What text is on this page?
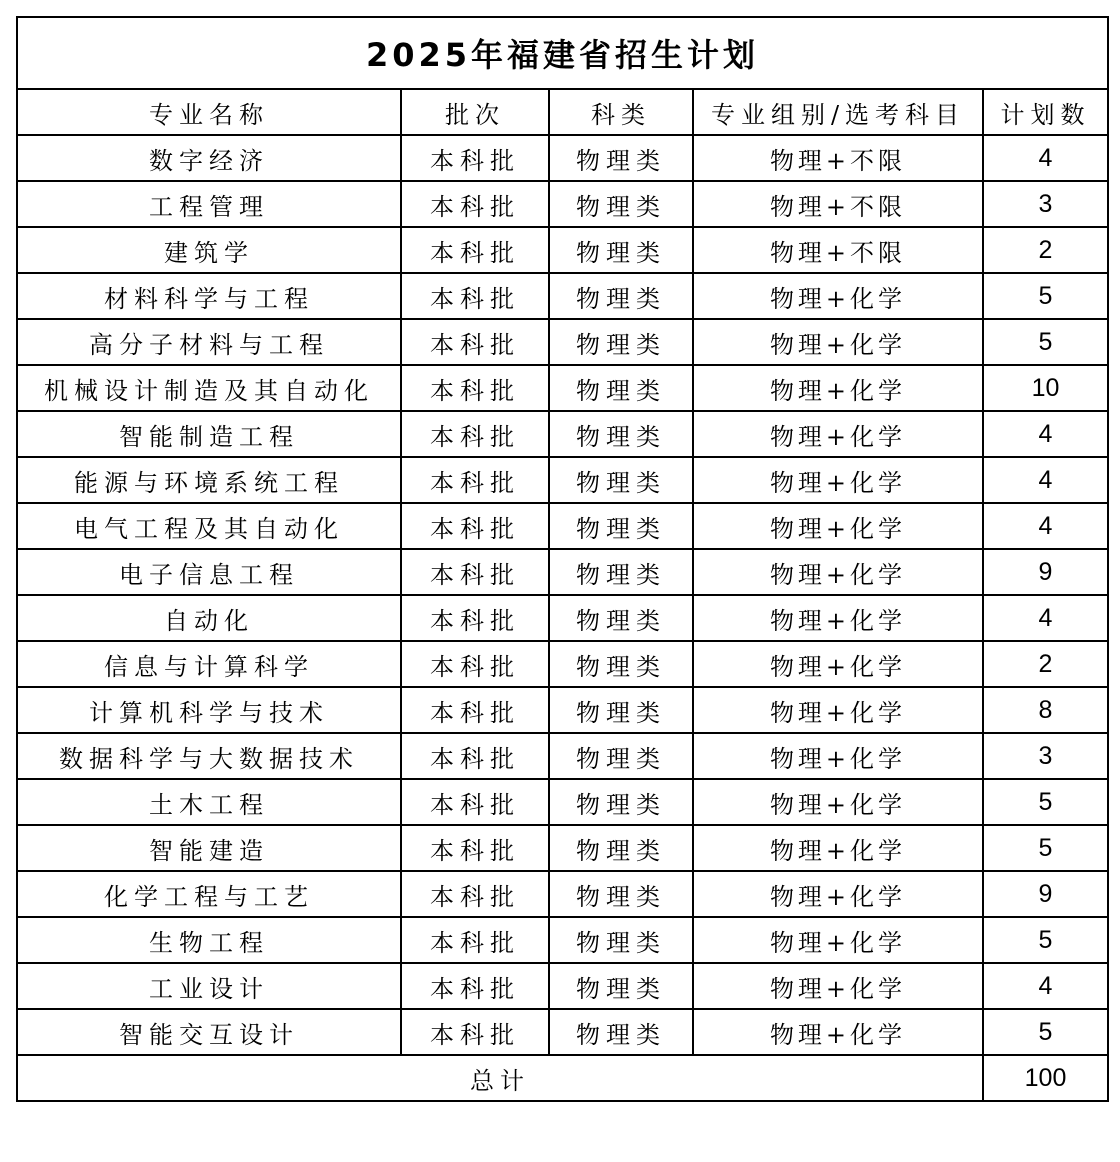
2025年福建省招生计划				
专业名称	批次	科类	专业组别/选考科目	计划数
数字经济	本科批	物理类	物理+不限	4
工程管理	本科批	物理类	物理+不限	3
建筑学	本科批	物理类	物理+不限	2
材料科学与工程	本科批	物理类	物理+化学	5
高分子材料与工程	本科批	物理类	物理+化学	5
机械设计制造及其自动化	本科批	物理类	物理+化学	10
智能制造工程	本科批	物理类	物理+化学	4
能源与环境系统工程	本科批	物理类	物理+化学	4
电气工程及其自动化	本科批	物理类	物理+化学	4
电子信息工程	本科批	物理类	物理+化学	9
自动化	本科批	物理类	物理+化学	4
信息与计算科学	本科批	物理类	物理+化学	2
计算机科学与技术	本科批	物理类	物理+化学	8
数据科学与大数据技术	本科批	物理类	物理+化学	3
土木工程	本科批	物理类	物理+化学	5
智能建造	本科批	物理类	物理+化学	5
化学工程与工艺	本科批	物理类	物理+化学	9
生物工程	本科批	物理类	物理+化学	5
工业设计	本科批	物理类	物理+化学	4
智能交互设计	本科批	物理类	物理+化学	5
总计				100
